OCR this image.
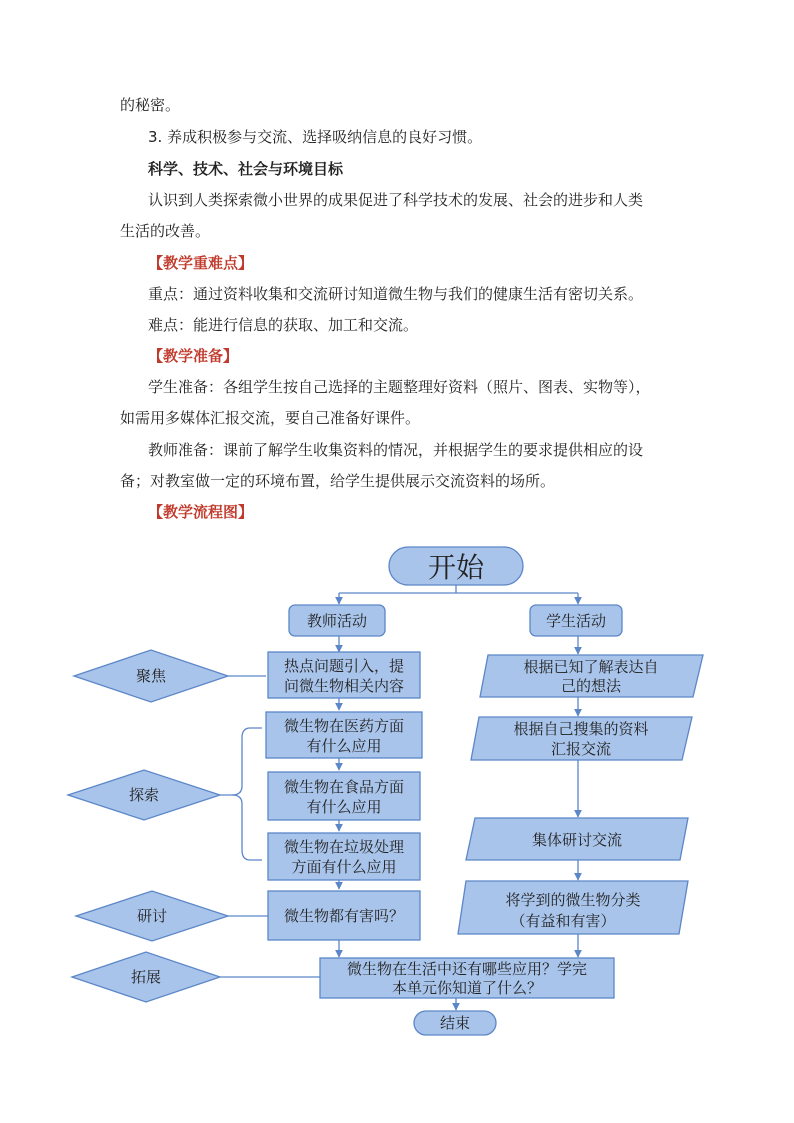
的秘密。
3. 养成积极参与交流、选择吸纳信息的良好习惯。
科学、技术、社会与环境目标
认识到人类探索微小世界的成果促进了科学技术的发展、社会的进步和人类
生活的改善。
【教学重难点】
重点：通过资料收集和交流研讨知道微生物与我们的健康生活有密切关系。
难点：能进行信息的获取、加工和交流。
【教学准备】
学生准备：各组学生按自己选择的主题整理好资料（照片、图表、实物等），
如需用多媒体汇报交流，要自己准备好课件。
教师准备：课前了解学生收集资料的情况，并根据学生的要求提供相应的设
备；对教室做一定的环境布置，给学生提供展示交流资料的场所。
【教学流程图】
开始
教师活动	学生活动
聚焦
探索
研讨
拓展
热点问题引入，提
问微生物相关内容
微生物在医药方面
有什么应用
微生物在食品方面
有什么应用
微生物在垃圾处理
方面有什么应用
微生物都有害吗？
根据已知了解表达自
己的想法
根据自己搜集的资料
汇报交流
集体研讨交流
将学到的微生物分类
（有益和有害）
微生物在生活中还有哪些应用？学完
本单元你知道了什么？
结束
